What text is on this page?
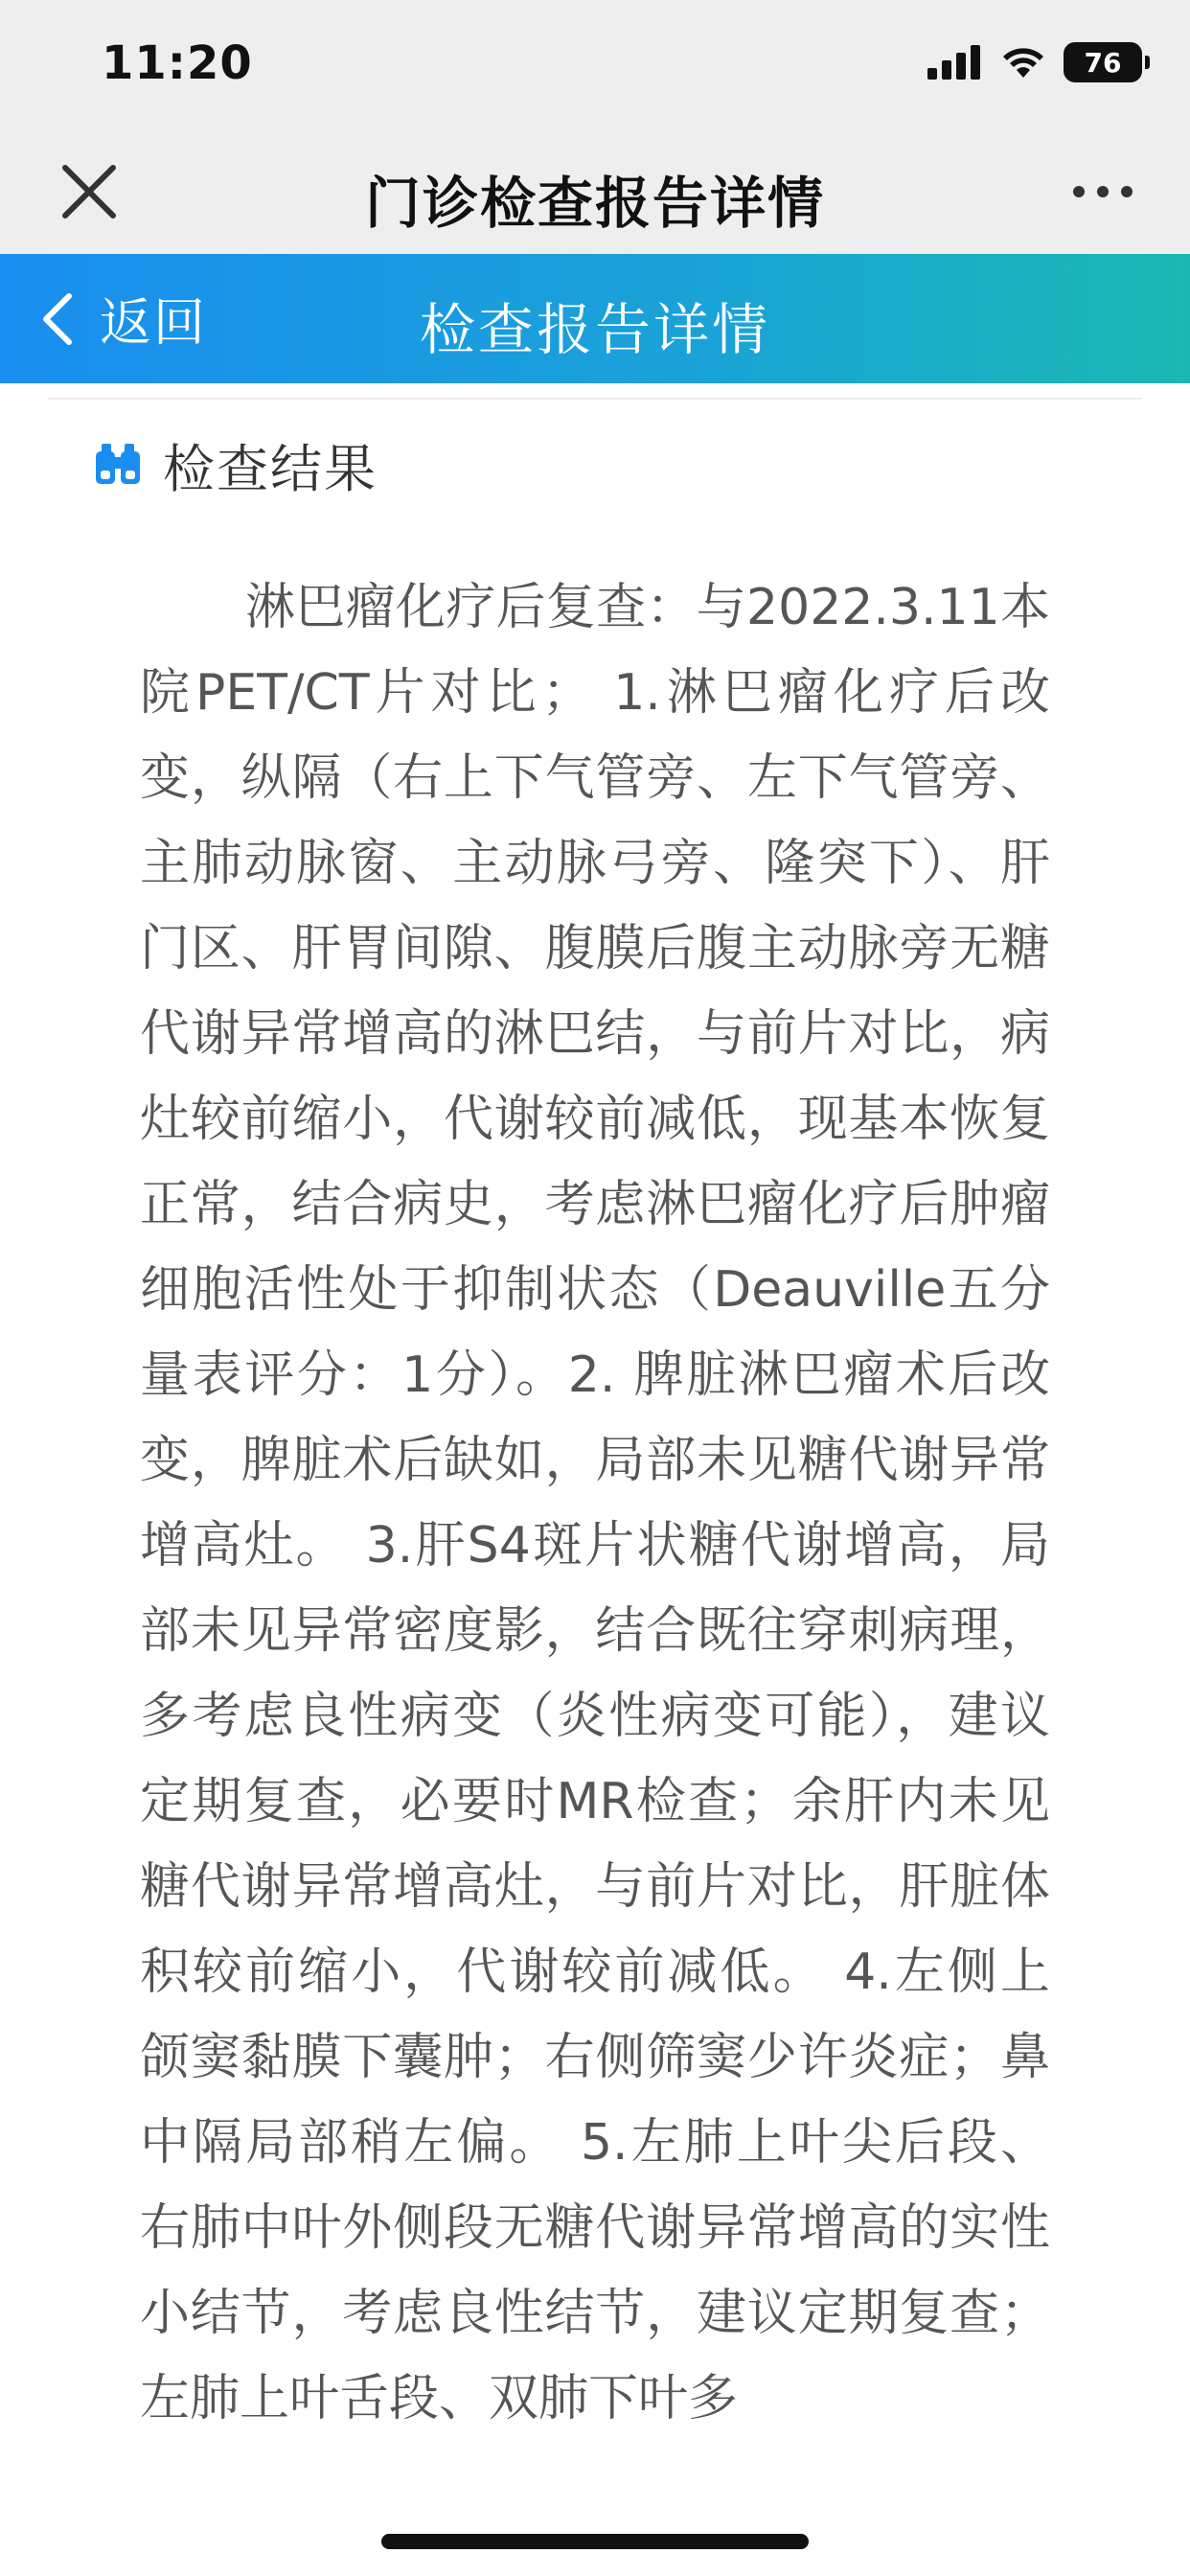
11:20	76
门诊检查报告详情
返回	检查报告详情
检查结果
淋巴瘤化疗后复查：与2022.3.11本院PET/CT片对比； 1.淋巴瘤化疗后改变，纵隔（右上下气管旁、左下气管旁、主肺动脉窗、主动脉弓旁、隆突下）、肝门区、肝胃间隙、腹膜后腹主动脉旁无糖代谢异常增高的淋巴结，与前片对比，病灶较前缩小，代谢较前减低，现基本恢复正常，结合病史，考虑淋巴瘤化疗后肿瘤细胞活性处于抑制状态（Deauville五分量表评分：1分）。2. 脾脏淋巴瘤术后改变，脾脏术后缺如，局部未见糖代谢异常增高灶。 3.肝S4斑片状糖代谢增高，局部未见异常密度影，结合既往穿刺病理，多考虑良性病变（炎性病变可能），建议定期复查，必要时MR检查；余肝内未见糖代谢异常增高灶，与前片对比，肝脏体积较前缩小，代谢较前减低。 4.左侧上颌窦黏膜下囊肿；右侧筛窦少许炎症；鼻中隔局部稍左偏。 5.左肺上叶尖后段、右肺中叶外侧段无糖代谢异常增高的实性小结节，考虑良性结节，建议定期复查；左肺上叶舌段、双肺下叶多
